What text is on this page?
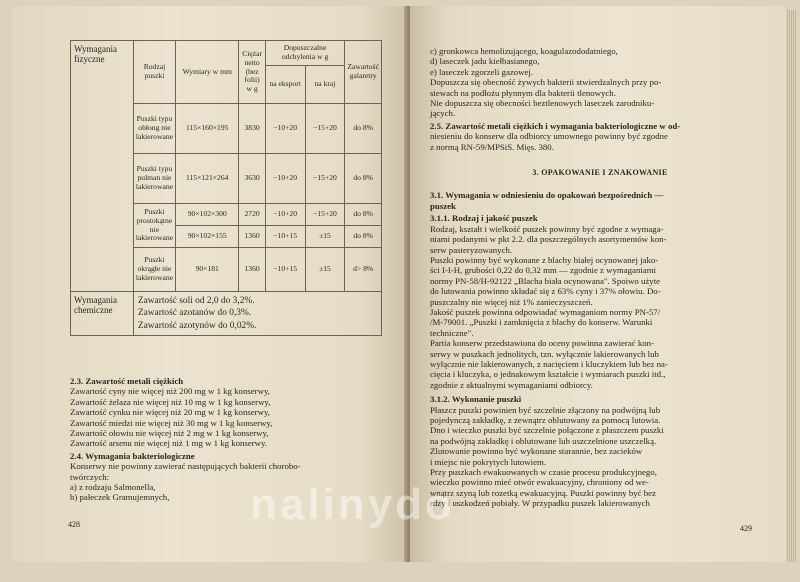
Wymagania fizyczne	Rodzaj puszki	Wymiary w mm	Ciężar netto (bez folii) w g	Dopuszczalne odchylenia w g		Zawartość galaretry
				na eksport	na kraj	
	Puszki typu obłong nie lakierowane	115×160×195	3830	−10+20	−15+20	do 8%
	Puszki typu pulman nie lakierowane	115×121×264	3630	−10+20	−15+20	do 8%
	Puszki prostokątne nie lakierowane	90×102×300	2720	−10+20	−15+20	do 8%
		90×102×155	1360	−10+15	±15	do 8%
	Puszki okrągłe nie lakierowane	90×181	1360	−10+15	±15	d> 8%
Wymagania chemiczne	Zawartość soli od 2,0 do 3,2%.
Zawartość azotanów do 0,3%.
Zawartość azotynów do 0,02%.					
2.3. Zawartość metali ciężkich
Zawartość cyny nie więcej niż 200 mg w 1 kg konserwy,
Zawartość żelaza nie więcej niż 10 mg w 1 kg konserwy,
Zawartość cynku nie więcej niż 20 mg w 1 kg konserwy,
Zawartość miedzi nie więcej niż 30 mg w 1 kg konserwy,
Zawartość ołowiu nie więcej niż 2 mg w 1 kg konserwy,
Zawartość arsenu nie więcej niż 1 mg w 1 kg konserwy.
2.4. Wymagania bakteriologiczne
Konserwy nie powinny zawierać następujących bakterii chorobo-
twórczych:
a) z rodzaju Salmonella,
b) pałeczek Gramujemnych,
428
c) gronkowca hemolizującego, koagulazododatniego,
d) laseczek jadu kiełbasianego,
e) laseczek zgorzeli gazowej.
Dopuszcza się obecność żywych bakterii stwierdzalnych przy po-
siewach na podłożu płynnym dla bakterii tlenowych.
Nie dopuszcza się obecności beztlenowych laseczek zarodniku-
jących.
2.5. Zawartość metali ciężkich i wymagania bakteriologiczne w od-
niesieniu do konserw dla odbiorcy umownego powinny być zgodne
z normą RN-59/MPSiS. Mięs. 380.
3. OPAKOWANIE I ZNAKOWANIE
3.1. Wymagania w odniesieniu do opakowań bezpośrednich —
puszek
3.1.1. Rodzaj i jakość puszek
Rodzaj, kształt i wielkość puszek powinny być zgodne z wymaga-
niami podanymi w pkt 2.2. dla poszczególnych asortymentów kon-
serw pasteryzowanych.
Puszki powinny być wykonane z blachy białej ocynowanej jako-
ści I-I-H, grubości 0,22 do 0,32 mm — zgodnie z wymaganiami
normy PN-58/H-92122 „Blacha biała ocynowana". Spoiwo użyte
do lutowania powinno składać się z 63% cyny i 37% ołowiu. Do-
puszczalny nie więcej niż 1% zanieczyszczeń.
Jakość puszek powinna odpowiadać wymaganiom normy PN-57/
/M-79001. „Puszki i zamknięcia z blachy do konserw. Warunki
techniczne".
Partia konserw przedstawiona do oceny powinna zawierać kon-
serwy w puszkach jednolitych, tzn. wyłącznie lakierowanych lub
wyłącznie nie lakierowanych, z nacięciem i kluczykiem lub bez na-
cięcia i kluczyka, o jednakowym kształcie i wymiarach puszki itd.,
zgodnie z aktualnymi wymaganiami odbiorcy.
3.1.2. Wykonanie puszki
Płaszcz puszki powinien być szczelnie złączony na podwójną lub
pojedynczą zakładkę, z zewnątrz oblutowany za pomocą lutowia.
Dno i wieczko puszki być szczelnie połączone z płaszczem puszki
na podwójną zakładkę i oblutowane lub uszczelnione uszczelką.
Zlutowanie powinno być wykonane starannie, bez zacieków
i miejsc nie pokrytych lutowiem.
Przy puszkach ewakuowanych w czasie procesu produkcyjnego,
wieczko powinno mieć otwór ewakuacyjny, chroniony od we-
wnątrz szyną lub rozetką ewakuacyjną. Puszki powinny być bez
rdzy i uszkodzeń pobiały. W przypadku puszek lakierowanych
429
nalinydo
